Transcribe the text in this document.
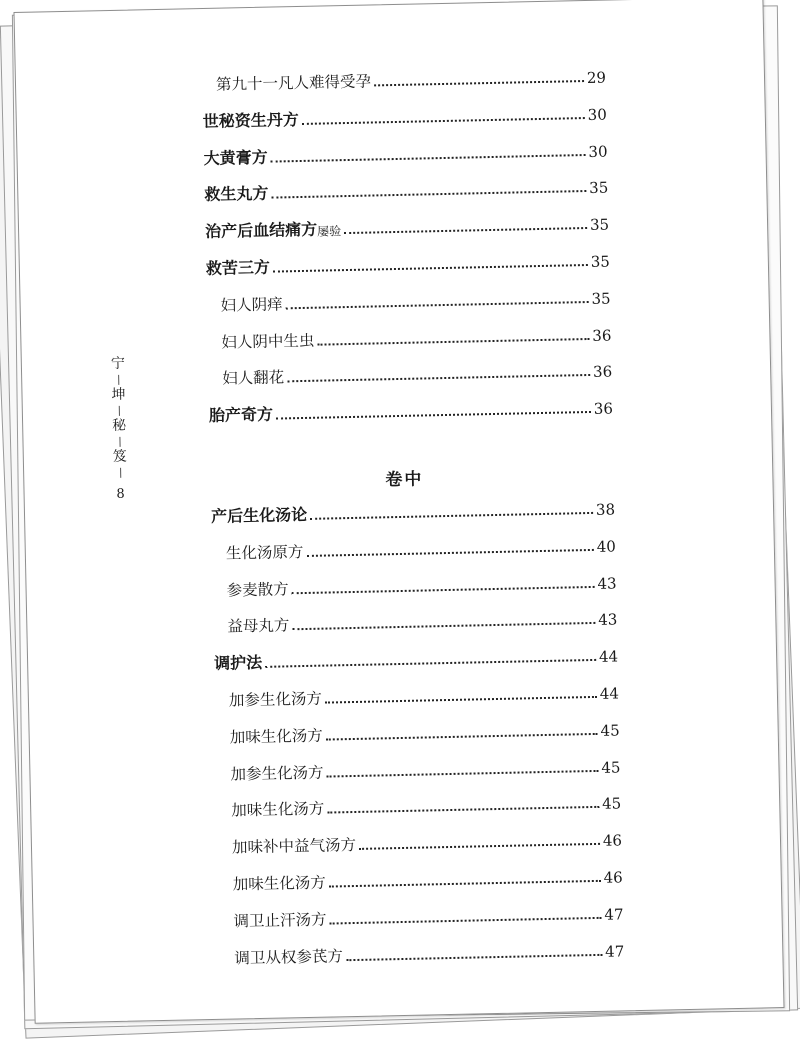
宁
坤
秘
笈
8
卷中
第九十一凡人难得受孕	29
世秘资生丹方	30
大黄膏方	30
救生丸方	35
治产后血结痛方 屡验	35
救苦三方	35
妇人阴痒	35
妇人阴中生虫	36
妇人翻花	36
胎产奇方	36
产后生化汤论	38
生化汤原方	40
参麦散方	43
益母丸方	43
调护法	44
加参生化汤方	44
加味生化汤方	45
加参生化汤方	45
加味生化汤方	45
加味补中益气汤方	46
加味生化汤方	46
调卫止汗汤方	47
调卫从权参芪方	47
